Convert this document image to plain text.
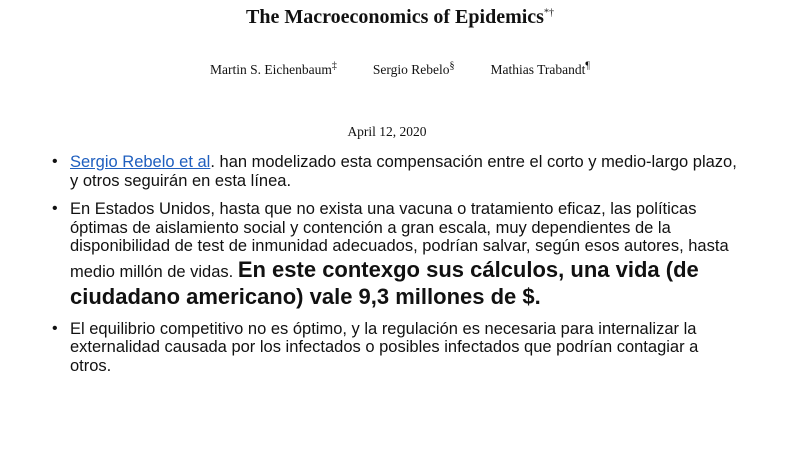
The Macroeconomics of Epidemics*†
Martin S. Eichenbaum‡	Sergio Rebelo§	Mathias Trabandt¶
April 12, 2020
• Sergio Rebelo et al. han modelizado esta compensación entre el corto y medio-largo plazo, y otros seguirán en esta línea.
• En Estados Unidos, hasta que no exista una vacuna o tratamiento eficaz, las políticas óptimas de aislamiento social y contención a gran escala, muy dependientes de la disponibilidad de test de inmunidad adecuados, podrían salvar, según esos autores, hasta medio millón de vidas. En este contexgo sus cálculos, una vida (de ciudadano americano) vale 9,3 millones de $.
• El equilibrio competitivo no es óptimo, y la regulación es necesaria para internalizar la externalidad causada por los infectados o posibles infectados que podrían contagiar a otros.
